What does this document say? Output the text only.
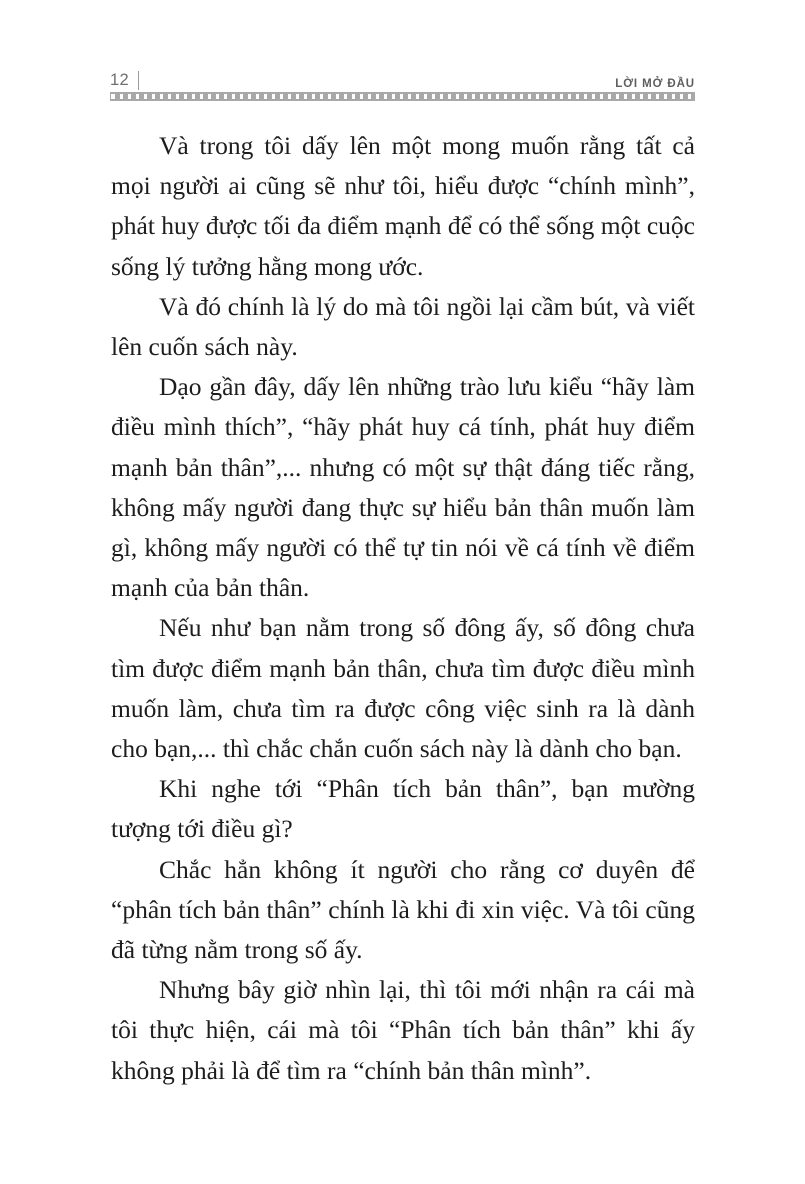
12	LỜI MỞ ĐẦU

Và trong tôi dấy lên một mong muốn rằng tất cả mọi người ai cũng sẽ như tôi, hiểu được “chính mình”, phát huy được tối đa điểm mạnh để có thể sống một cuộc sống lý tưởng hằng mong ước.

Và đó chính là lý do mà tôi ngồi lại cầm bút, và viết lên cuốn sách này.

Dạo gần đây, dấy lên những trào lưu kiểu “hãy làm điều mình thích”, “hãy phát huy cá tính, phát huy điểm mạnh bản thân”,... nhưng có một sự thật đáng tiếc rằng, không mấy người đang thực sự hiểu bản thân muốn làm gì, không mấy người có thể tự tin nói về cá tính về điểm mạnh của bản thân.

Nếu như bạn nằm trong số đông ấy, số đông chưa tìm được điểm mạnh bản thân, chưa tìm được điều mình muốn làm, chưa tìm ra được công việc sinh ra là dành cho bạn,... thì chắc chắn cuốn sách này là dành cho bạn.

Khi nghe tới “Phân tích bản thân”, bạn mường tượng tới điều gì?

Chắc hẳn không ít người cho rằng cơ duyên để “phân tích bản thân” chính là khi đi xin việc. Và tôi cũng đã từng nằm trong số ấy.

Nhưng bây giờ nhìn lại, thì tôi mới nhận ra cái mà tôi thực hiện, cái mà tôi “Phân tích bản thân” khi ấy không phải là để tìm ra “chính bản thân mình”.
